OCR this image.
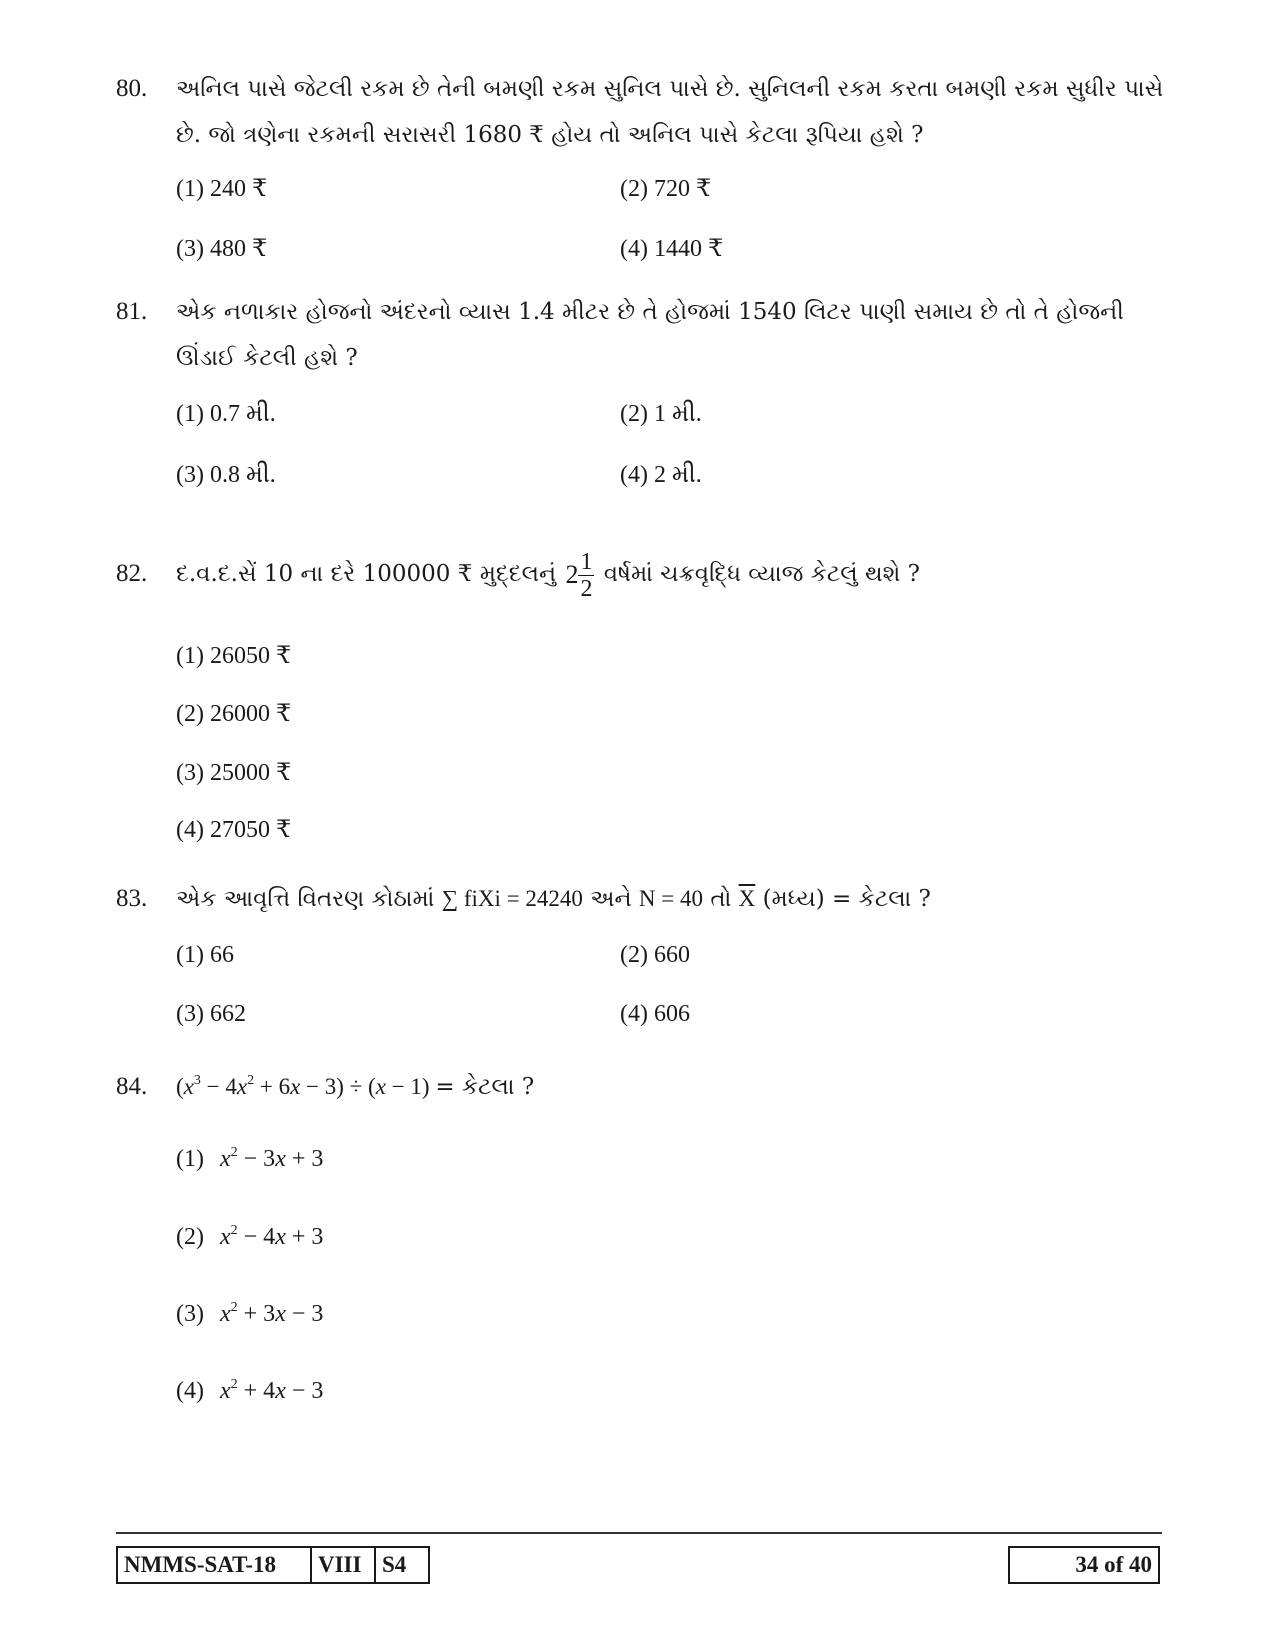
80. અનિલ પાસે જેટલી રકમ છે તેની બમણી રકમ સુનિલ પાસે છે. સુનિલની રકમ કરતા બમણી રકમ સુધીર પાસે છે. જો ત્રણેના રકમની સરાસરી 1680 ₹ હોય તો અનિલ પાસે કેટલા રૂપિયા હશે ?
(1) 240 ₹	(2) 720 ₹
(3) 480 ₹	(4) 1440 ₹
81. એક નળાકાર હોજનો અંદરનો વ્યાસ 1.4 મીટર છે તે હોજમાં 1540 લિટર પાણી સમાય છે તો તે હોજની ઊંડાઈ કેટલી હશે ?
(1) 0.7 મી.	(2) 1 મી.
(3) 0.8 મી.	(4) 2 મી.
82. દ.વ.દ.સેં 10 ના દરે 100000 ₹ મુદ્દલનું $2 \frac{1}{2}$ વર્ષમાં ચક્રવૃદ્ધિ વ્યાજ કેટલું થશે ?
(1) 26050 ₹
(2) 26000 ₹
(3) 25000 ₹
(4) 27050 ₹
83. એક આવૃત્તિ વિતરણ કોઠામાં ∑ fiXi = 24240 અને N = 40 તો $\overline{X}$ (મધ્ય) = કેટલા ?
(1) 66	(2) 660
(3) 662	(4) 606
84. $(x^3 - 4x^2 + 6x - 3) \div (x - 1)$ = કેટલા ?
(1) $x^2 - 3x + 3$
(2) $x^2 - 4x + 3$
(3) $x^2 + 3x - 3$
(4) $x^2 + 4x - 3$
NMMS-SAT-18	VIII S4	34 of 40
